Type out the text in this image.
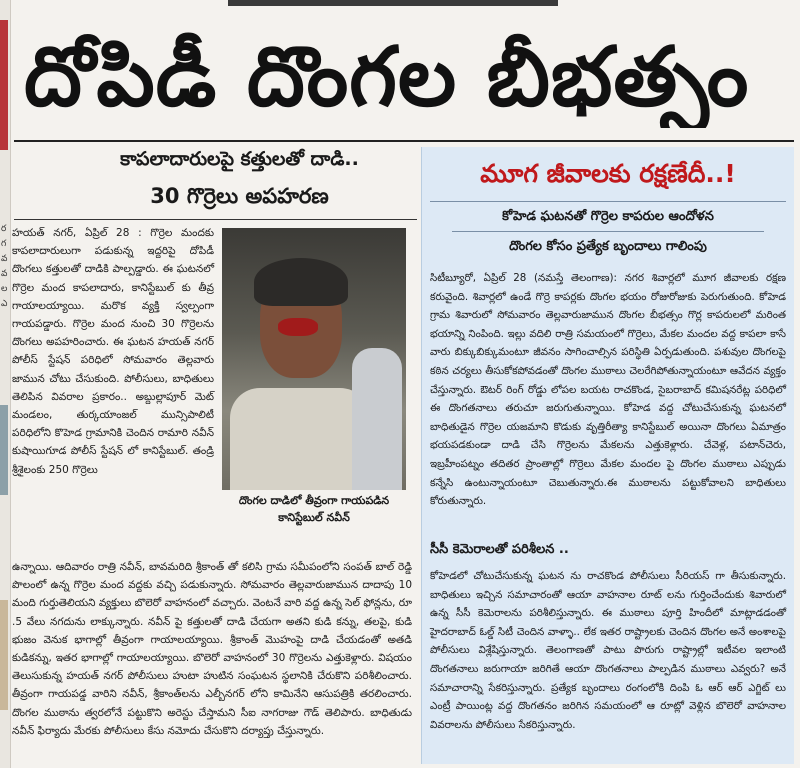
ర గ వ వ ల ఎ
దోపిడీ దొంగల బీభత్సం
కాపలాదారులపై కత్తులతో దాడి..
30 గొర్రెలు అపహరణ

హయత్ నగర్, ఏప్రిల్ 28 : గొర్రెల మందకు కాపలాదారులుగా పడుకున్న ఇద్దరిపై దోపిడీ దొంగలు కత్తులతో దాడికి పాల్పడ్డారు. ఈ ఘటనలో గొర్రెల మంద కాపలాదారు, కానిస్టేబుల్ కు తీవ్ర గాయాలయ్యాయి. మరొక వ్యక్తి స్వల్పంగా గాయపడ్డారు. గొర్రెల మంద నుంచి 30 గొర్రెలను దొంగలు అపహరించారు. ఈ ఘటన హయత్ నగర్ పోలీస్ స్టేషన్ పరిధిలో సోమవారం తెల్లవారు జామున చోటు చేసుకుంది. పోలీసులు, బాధితులు తెలిపిన వివరాల ప్రకారం.. అబ్దుల్లాపూర్ మెట్ మండలం, తుర్కయాంజల్ మున్సిపాలిటీ పరిధిలోని కొహెడ గ్రామానికి చెందిన రామారి నవీన్ కుషాయిగూడ పోలీస్ స్టేషన్ లో కానిస్టేబుల్. తండ్రి శ్రీశైలంకు 250 గొర్రెలు

దొంగల దాడిలో తీవ్రంగా గాయపడిన కానిస్టేబుల్ నవీన్

ఉన్నాయి. ఆదివారం రాత్రి నవీన్, బావమరిది శ్రీకాంత్ తో కలిసి గ్రామ సమీపంలోని సంపత్ బాల్ రెడ్డి పొలంలో ఉన్న గొర్రెల మంద వద్దకు వచ్చి పడుకున్నారు. సోమవారం తెల్లవారుజామున దాదాపు 10 మంది గుర్తుతెలియని వ్యక్తులు బొలెరో వాహనంలో వచ్చారు. వెంటనే వారి వద్ద ఉన్న సెల్ ఫోన్లను, రూ .5 వేలు నగదును లాక్కున్నారు. నవీన్ పై కత్తులతో దాడి చేయగా అతని కుడి కన్ను, తలపై, కుడి భుజం వెనుక భాగాల్లో తీవ్రంగా గాయాలయ్యాయి. శ్రీకాంత్ మొహంపై దాడి చేయడంతో అతడి కుడికన్ను, ఇతర భాగాల్లో గాయాలయ్యాయి. బొలెరో వాహనంలో 30 గొర్రెలను ఎత్తుకెళ్లారు. విషయం తెలుసుకున్న హయత్ నగర్ పోలీసులు హుటా హుటిన సంఘటన స్థలానికి చేరుకొని పరిశీలించారు. తీవ్రంగా గాయపడ్డ వారిని నవీన్, శ్రీకాంత్‌లను ఎల్బీనగర్ లోని కామినేని ఆసుపత్రికి తరలించారు. దొంగల ముఠాను త్వరలోనే పట్టుకొని అరెస్టు చేస్తామని సీఐ నాగరాజు గౌడ్ తెలిపారు. బాధితుడు నవీన్ ఫిర్యాదు మేరకు పోలీసులు కేసు నమోదు చేసుకొని దర్యాప్తు చేస్తున్నారు.

మూగ జీవాలకు రక్షణేదీ..!
కోహెడ ఘటనతో గొర్రెల కాపరుల ఆందోళన
దొంగల కోసం ప్రత్యేక బృందాలు గాలింపు

సిటీబ్యూరో, ఏప్రిల్ 28 (నమస్తే తెలంగాణ): నగర శివార్లలో మూగ జీవాలకు రక్షణ కరువైంది. శివార్లలో ఉండే గొర్రె కాపర్లకు దొంగల భయం రోజురోజుకు పెరుగుతుంది. కోహెడ గ్రామ శివారులో సోమవారం తెల్లవారుజామున దొంగల బీభత్సం గొర్ల కాపరులలో మరింత భయాన్ని నింపింది. ఇల్లు వదిలి రాత్రి సమయంలో గొర్రెలు, మేకల మందల వద్ద కాపలా కాసే వారు బిక్కుబిక్కుమంటూ జీవనం సాగించాల్సిన పరిస్థితి ఏర్పడుతుంది. పశువుల దొంగలపై కఠిన చర్యలు తీసుకోకపోవడంతో దొంగల ముఠాలు చెలరేగిపోతున్నాయంటూ ఆవేదన వ్యక్తం చేస్తున్నారు. ఔటర్ రింగ్ రోడ్డు లోపల బయట రాచకొండ, సైబరాబాద్ కమిషనరేట్ల పరిధిలో ఈ దొంగతనాలు తరుచూ జరుగుతున్నాయి. కోహెడ వద్ద చోటుచేసుకున్న ఘటనలో బాధితుడైన గొర్రెల యజమాని కొడుకు వృత్తిరీత్యా కానిస్టేబుల్ అయినా దొంగలు ఏమాత్రం భయపడకుండా దాడి చేసి గొర్రెలను మేకలను ఎత్తుకెళ్లారు. చేవెళ్ల, పటాన్‌చెరు, ఇబ్రహీంపట్నం తదితర ప్రాంతాల్లో గొర్రెలు మేకల మందల పై దొంగల ముఠాలు ఎప్పుడు కన్నేసి ఉంటున్నాయంటూ చెబుతున్నారు.ఈ ముఠాలను పట్టుకోవాలని బాధితులు కోరుతున్నారు.

సీసీ కెమెరాలతో పరిశీలన ..

కోహెడలో చోటుచేసుకున్న ఘటన ను రాచకొండ పోలీసులు సీరియస్ గా తీసుకున్నారు. బాధితులు ఇచ్చిన సమాచారంతో ఆయా వాహనాల రూట్ లను గుర్తించేందుకు శివారులో ఉన్న సీసీ కెమెరాలను పరిశీలిస్తున్నారు. ఈ ముఠాలు పూర్తి హిందీలో మాట్లాడడంతో హైదరాబాద్ ఓల్డ్ సిటీ చెందిన వాళ్ళా.. లేక ఇతర రాష్ట్రాలకు చెందిన దొంగల అనే అంశాలపై పోలీసులు విశ్లేషిస్తున్నారు. తెలంగాణతో పాటు పొరుగు రాష్ట్రాల్లో ఇటీవల ఇలాంటి దొంగతనాలు జరుగాయా జరిగితే ఆయా దొంగతనాలు పాల్పడిన ముఠాలు ఎవ్వరు? అనే సమాచారాన్ని సేకరిస్తున్నారు. ప్రత్యేక బృందాలు రంగంలోకి దింపి ఓ ఆర్ ఆర్ ఎగ్జిట్ లు ఎంట్రీ పాయింట్ల వద్ద దొంగతనం జరిగిన సమయంలో ఆ రూట్లో వెళ్లిన బొలెరో వాహనాల వివరాలను పోలీసులు సేకరిస్తున్నారు.
